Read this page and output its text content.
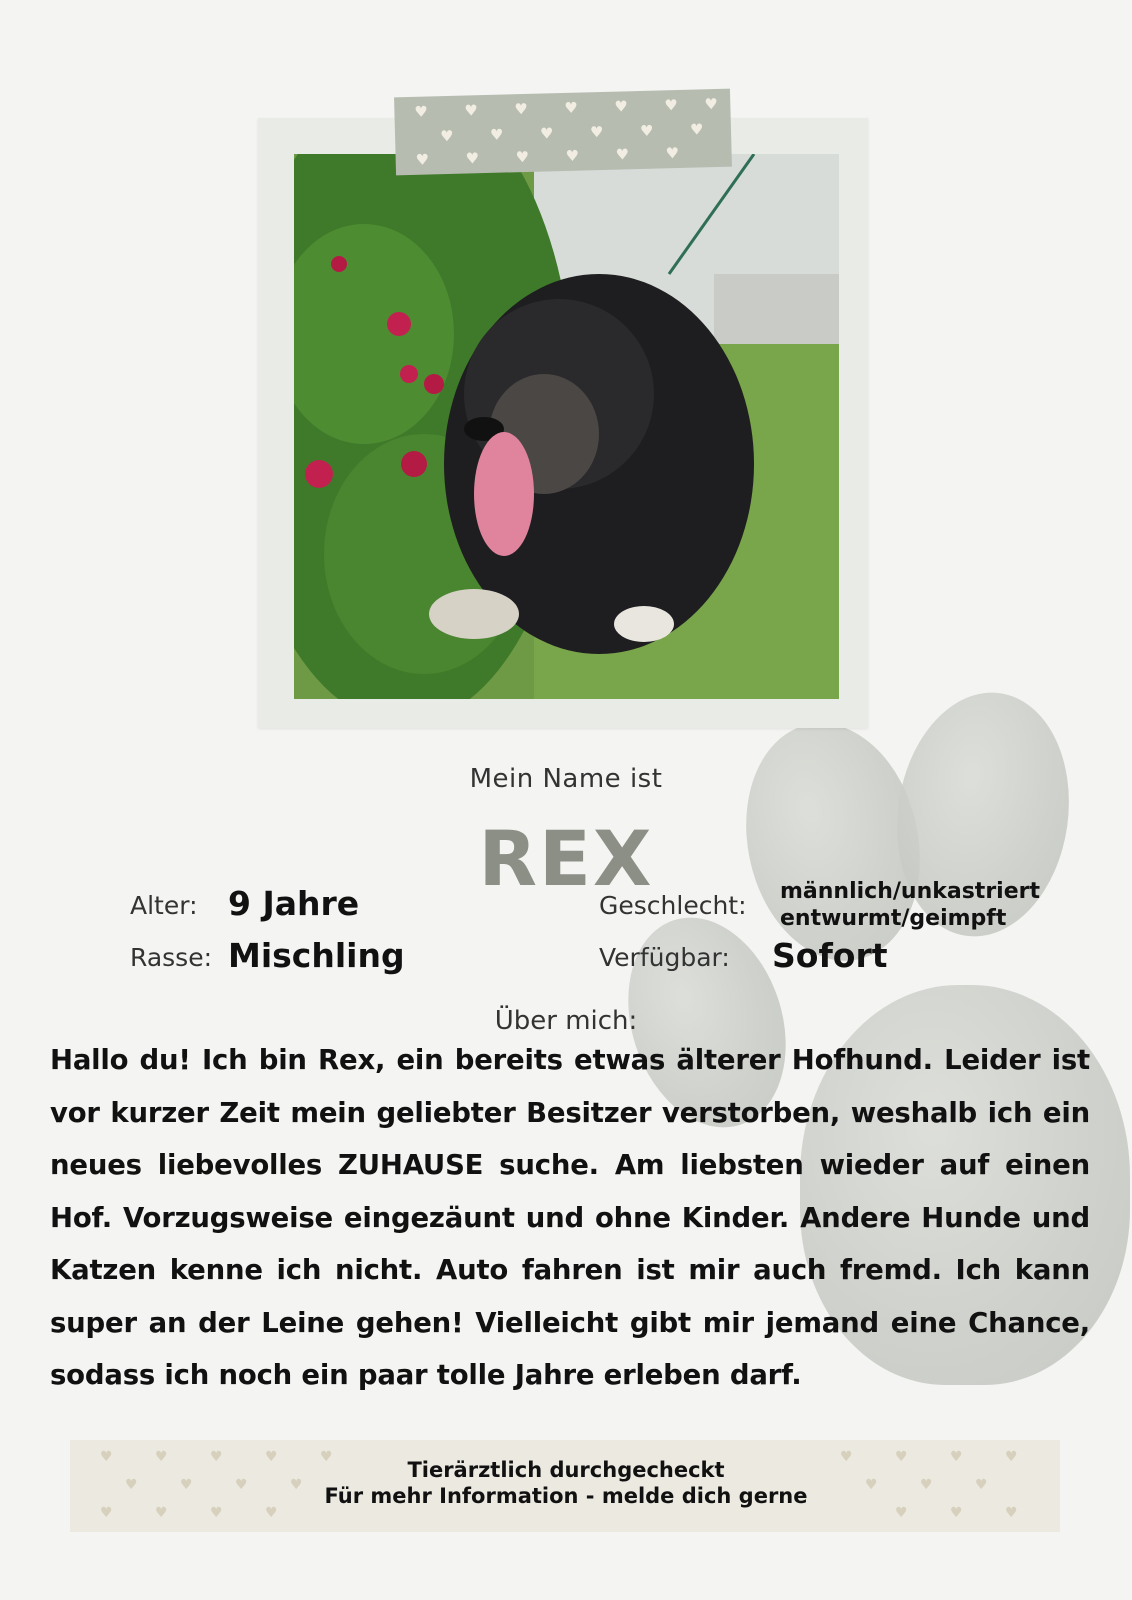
♥ ♥ ♥ ♥ ♥ ♥ ♥
♥ ♥ ♥ ♥ ♥ ♥
♥ ♥ ♥ ♥ ♥ ♥
Mein Name ist
REX
Alter: 9 Jahre
Rasse: Mischling
Geschlecht: männlich/unkastriert
entwurmt/geimpft
Verfügbar: Sofort
Über mich:
Hallo du! Ich bin Rex, ein bereits etwas älterer Hofhund. Leider ist vor kurzer Zeit mein geliebter Besitzer verstorben, weshalb ich ein neues liebevolles ZUHAUSE suche. Am liebsten wieder auf einen Hof. Vorzugsweise eingezäunt und ohne Kinder. Andere Hunde und Katzen kenne ich nicht. Auto fahren ist mir auch fremd. Ich kann super an der Leine gehen! Vielleicht gibt mir jemand eine Chance, sodass ich noch ein paar tolle Jahre erleben darf.
♥	♥	♥	♥	♥	♥	♥	♥	♥
♥	♥	♥	♥	♥	♥	♥
♥	♥	♥	♥	♥	♥	♥
Tierärztlich durchgecheckt
Für mehr Information - melde dich gerne
